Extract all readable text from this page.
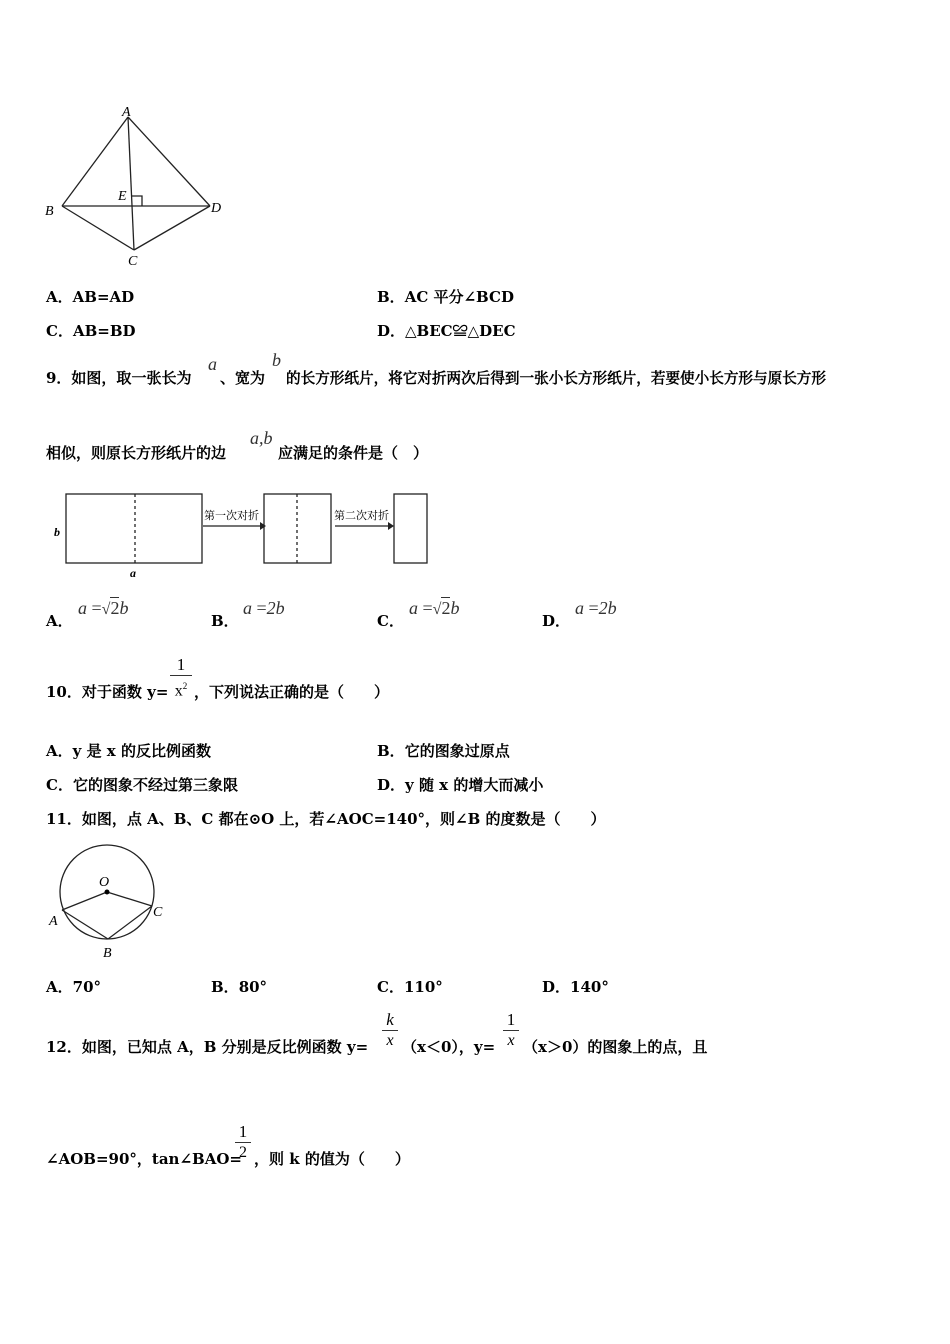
A
B
C
D
E
A．AB=AD	B．AC 平分∠BCD
C．AB=BD	D．△BEC≌△DEC
9．如图，取一张长为
a
、宽为
b
的长方形纸片，将它对折两次后得到一张小长方形纸片，若要使小长方形与原长方形
相似，则原长方形纸片的边
a,b
应满足的条件是（　）
b
a
第一次对折	第二次对折
A．
a =√2b
B．
a =2b
C．
a =√2b
D．
a =2b
10．对于函数 y=
1
$x^2$ ，下列说法正确的是（　　）
A．y 是 x 的反比例函数	B．它的图象过原点
C．它的图象不经过第三象限	D．y 随 x 的增大而减小
11．如图，点 A、B、C 都在⊙O 上，若∠AOC=140°，则∠B 的度数是（　　）
O
A
B
C
A．70°	B．80°	C．110°	D．140°
12．如图，已知点 A，B 分别是反比例函数 y=
k
x （x＜0），y=
1
x （x＞0）的图象上的点，且
∠AOB=90°，tan∠BAO=
1
2 ，则 k 的值为（　　）
